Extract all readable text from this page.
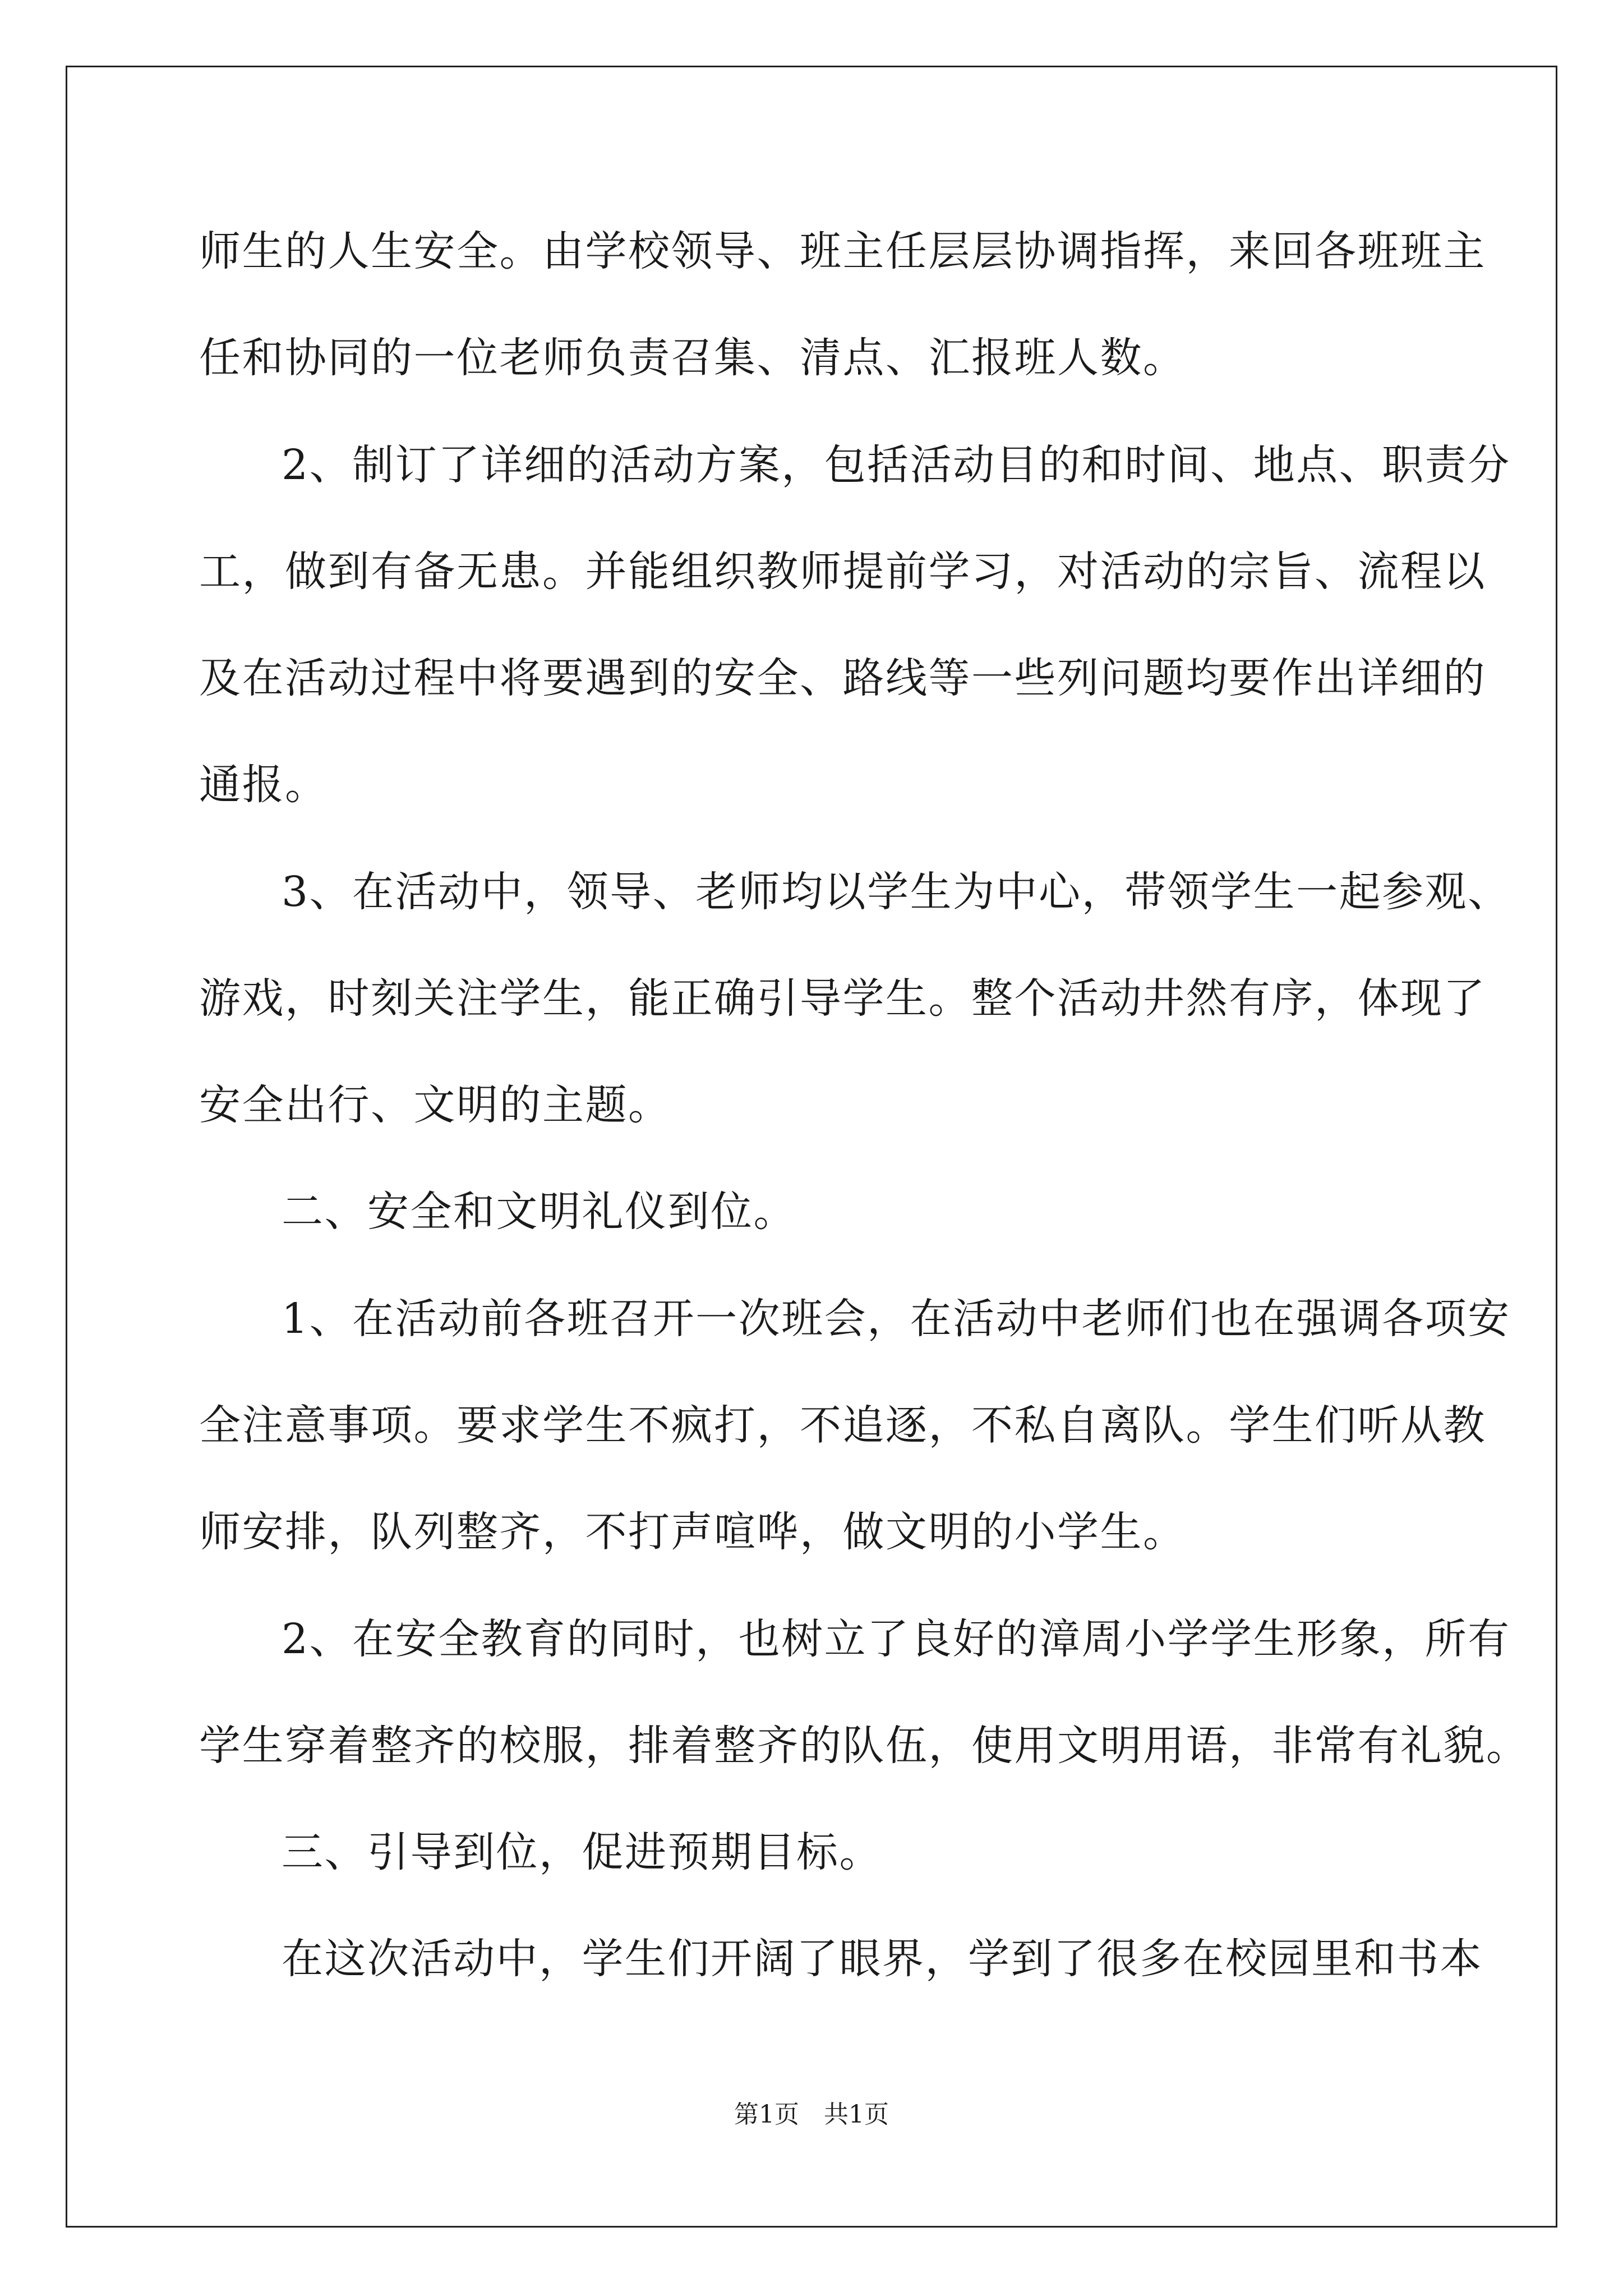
师生的人生安全。由学校领导、班主任层层协调指挥，来回各班班主
任和协同的一位老师负责召集、清点、汇报班人数。
2、制订了详细的活动方案，包括活动目的和时间、地点、职责分
工，做到有备无患。并能组织教师提前学习，对活动的宗旨、流程以
及在活动过程中将要遇到的安全、路线等一些列问题均要作出详细的
通报。
3、在活动中，领导、老师均以学生为中心，带领学生一起参观、
游戏，时刻关注学生，能正确引导学生。整个活动井然有序，体现了
安全出行、文明的主题。
二、安全和文明礼仪到位。
1、在活动前各班召开一次班会，在活动中老师们也在强调各项安
全注意事项。要求学生不疯打，不追逐，不私自离队。学生们听从教
师安排，队列整齐，不打声喧哗，做文明的小学生。
2、在安全教育的同时，也树立了良好的漳周小学学生形象，所有
学生穿着整齐的校服，排着整齐的队伍，使用文明用语，非常有礼貌。
三、引导到位，促进预期目标。
在这次活动中，学生们开阔了眼界，学到了很多在校园里和书本
第1页　共1页
